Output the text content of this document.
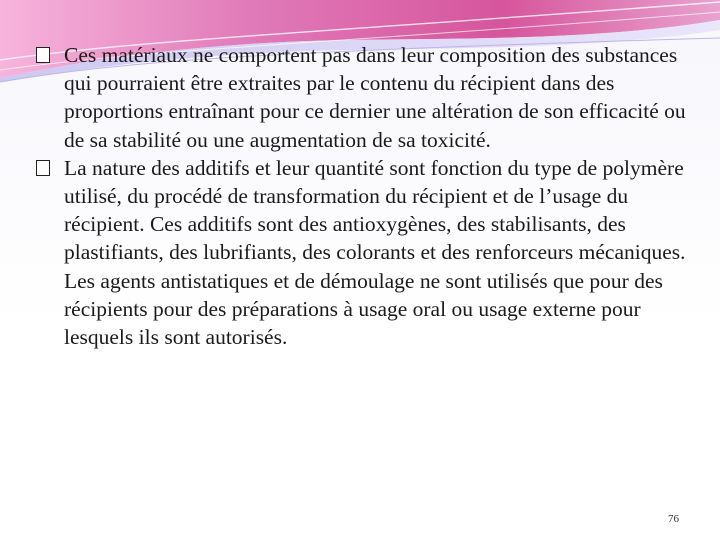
Ces matériaux ne comportent pas dans leur composition des substances qui pourraient être extraites par le contenu du récipient dans des proportions entraînant pour ce dernier une altération de son efficacité ou de sa stabilité ou une augmentation de sa toxicité.

La nature des additifs et leur quantité sont fonction du type de polymère utilisé, du procédé de transformation du récipient et de l’usage du récipient. Ces additifs sont des antioxygènes, des stabilisants, des plastifiants, des lubrifiants, des colorants et des renforceurs mécaniques. Les agents antistatiques et de démoulage ne sont utilisés que pour des récipients pour des préparations à usage oral ou usage externe pour lesquels ils sont autorisés.

76
